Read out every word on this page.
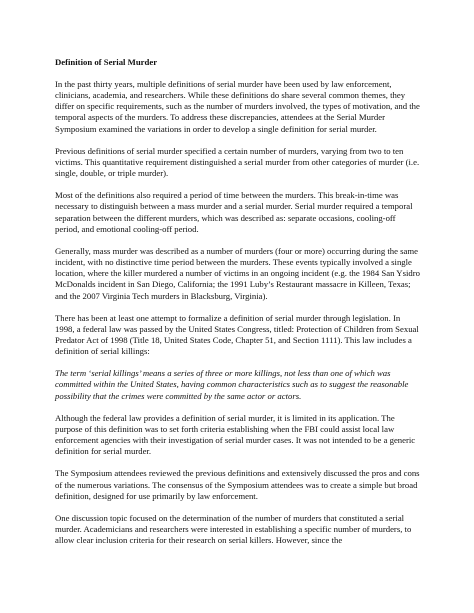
Definition of Serial Murder

In the past thirty years, multiple definitions of serial murder have been used by law enforcement, clinicians, academia, and researchers. While these definitions do share several common themes, they differ on specific requirements, such as the number of murders involved, the types of motivation, and the temporal aspects of the murders. To address these discrepancies, attendees at the Serial Murder Symposium examined the variations in order to develop a single definition for serial murder.

Previous definitions of serial murder specified a certain number of murders, varying from two to ten victims. This quantitative requirement distinguished a serial murder from other categories of murder (i.e. single, double, or triple murder).

Most of the definitions also required a period of time between the murders. This break-in-time was necessary to distinguish between a mass murder and a serial murder. Serial murder required a temporal separation between the different murders, which was described as: separate occasions, cooling-off period, and emotional cooling-off period.

Generally, mass murder was described as a number of murders (four or more) occurring during the same incident, with no distinctive time period between the murders. These events typically involved a single location, where the killer murdered a number of victims in an ongoing incident (e.g. the 1984 San Ysidro McDonalds incident in San Diego, California; the 1991 Luby’s Restaurant massacre in Killeen, Texas; and the 2007 Virginia Tech murders in Blacksburg, Virginia).

There has been at least one attempt to formalize a definition of serial murder through legislation. In 1998, a federal law was passed by the United States Congress, titled: Protection of Children from Sexual Predator Act of 1998 (Title 18, United States Code, Chapter 51, and Section 1111). This law includes a definition of serial killings:

The term ‘serial killings’ means a series of three or more killings, not less than one of which was committed within the United States, having common characteristics such as to suggest the reasonable possibility that the crimes were committed by the same actor or actors.

Although the federal law provides a definition of serial murder, it is limited in its application. The purpose of this definition was to set forth criteria establishing when the FBI could assist local law enforcement agencies with their investigation of serial murder cases. It was not intended to be a generic definition for serial murder.

The Symposium attendees reviewed the previous definitions and extensively discussed the pros and cons of the numerous variations. The consensus of the Symposium attendees was to create a simple but broad definition, designed for use primarily by law enforcement.

One discussion topic focused on the determination of the number of murders that constituted a serial murder. Academicians and researchers were interested in establishing a specific number of murders, to allow clear inclusion criteria for their research on serial killers. However, since the
